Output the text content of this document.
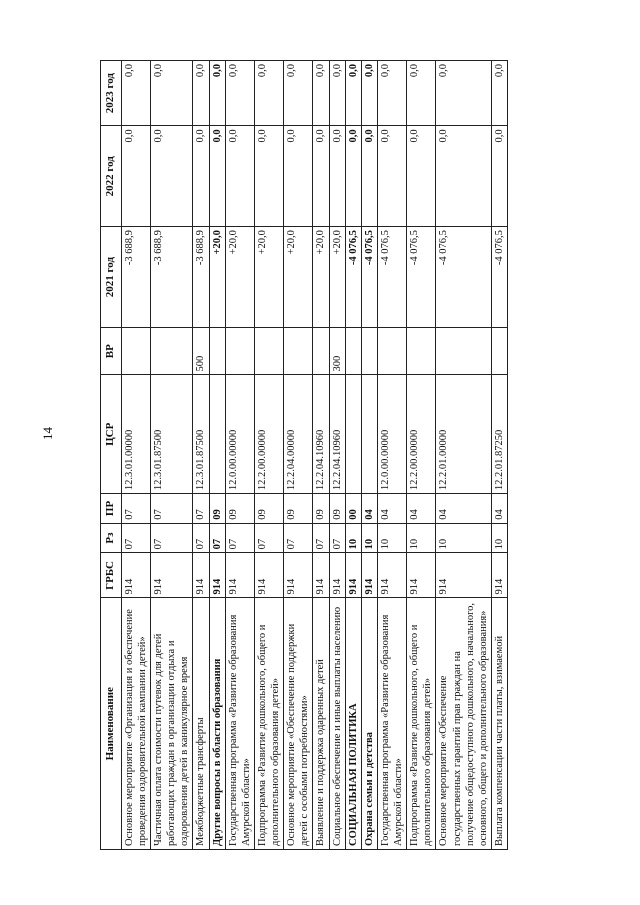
14
Наименование	ГРБС	Рз	ПР	ЦСР	ВР	2021 год	2022 год	2023 год
Основное мероприятие «Организация и обеспечение проведения оздоровительной кампании детей»	914	07	07	12.3.01.00000		-3 688,9	0,0	0,0
Частичная оплата стоимости путевок для детей работающих граждан в организации отдыха и оздоровления детей в каникулярное время	914	07	07	12.3.01.87500		-3 688,9	0,0	0,0
Межбюджетные трансферты	914	07	07	12.3.01.87500	500	-3 688,9	0,0	0,0
Другие вопросы в области образования	914	07	09			+20,0	0,0	0,0
Государственная программа «Развитие образования Амурской области»	914	07	09	12.0.00.00000		+20,0	0,0	0,0
Подпрограмма «Развитие дошкольного, общего и дополнительного образования детей»	914	07	09	12.2.00.00000		+20,0	0,0	0,0
Основное мероприятие «Обеспечение поддержки детей с особыми потребностями»	914	07	09	12.2.04.00000		+20,0	0,0	0,0
Выявление и поддержка одаренных детей	914	07	09	12.2.04.10960		+20,0	0,0	0,0
Социальное обеспечение и иные выплаты населению	914	07	09	12.2.04.10960	300	+20,0	0,0	0,0
СОЦИАЛЬНАЯ ПОЛИТИКА	914	10	00			-4 076,5	0,0	0,0
Охрана семьи и детства	914	10	04			-4 076,5	0,0	0,0
Государственная программа «Развитие образования Амурской области»	914	10	04	12.0.00.00000		-4 076,5	0,0	0,0
Подпрограмма «Развитие дошкольного, общего и дополнительного образования детей»	914	10	04	12.2.00.00000		-4 076,5	0,0	0,0
Основное мероприятие «Обеспечение государственных гарантий прав граждан на получение общедоступного дошкольного, начального, основного, общего и дополнительного образования»	914	10	04	12.2.01.00000		-4 076,5	0,0	0,0
Выплата компенсации части платы, взимаемой	914	10	04	12.2.01.87250		-4 076,5	0,0	0,0
